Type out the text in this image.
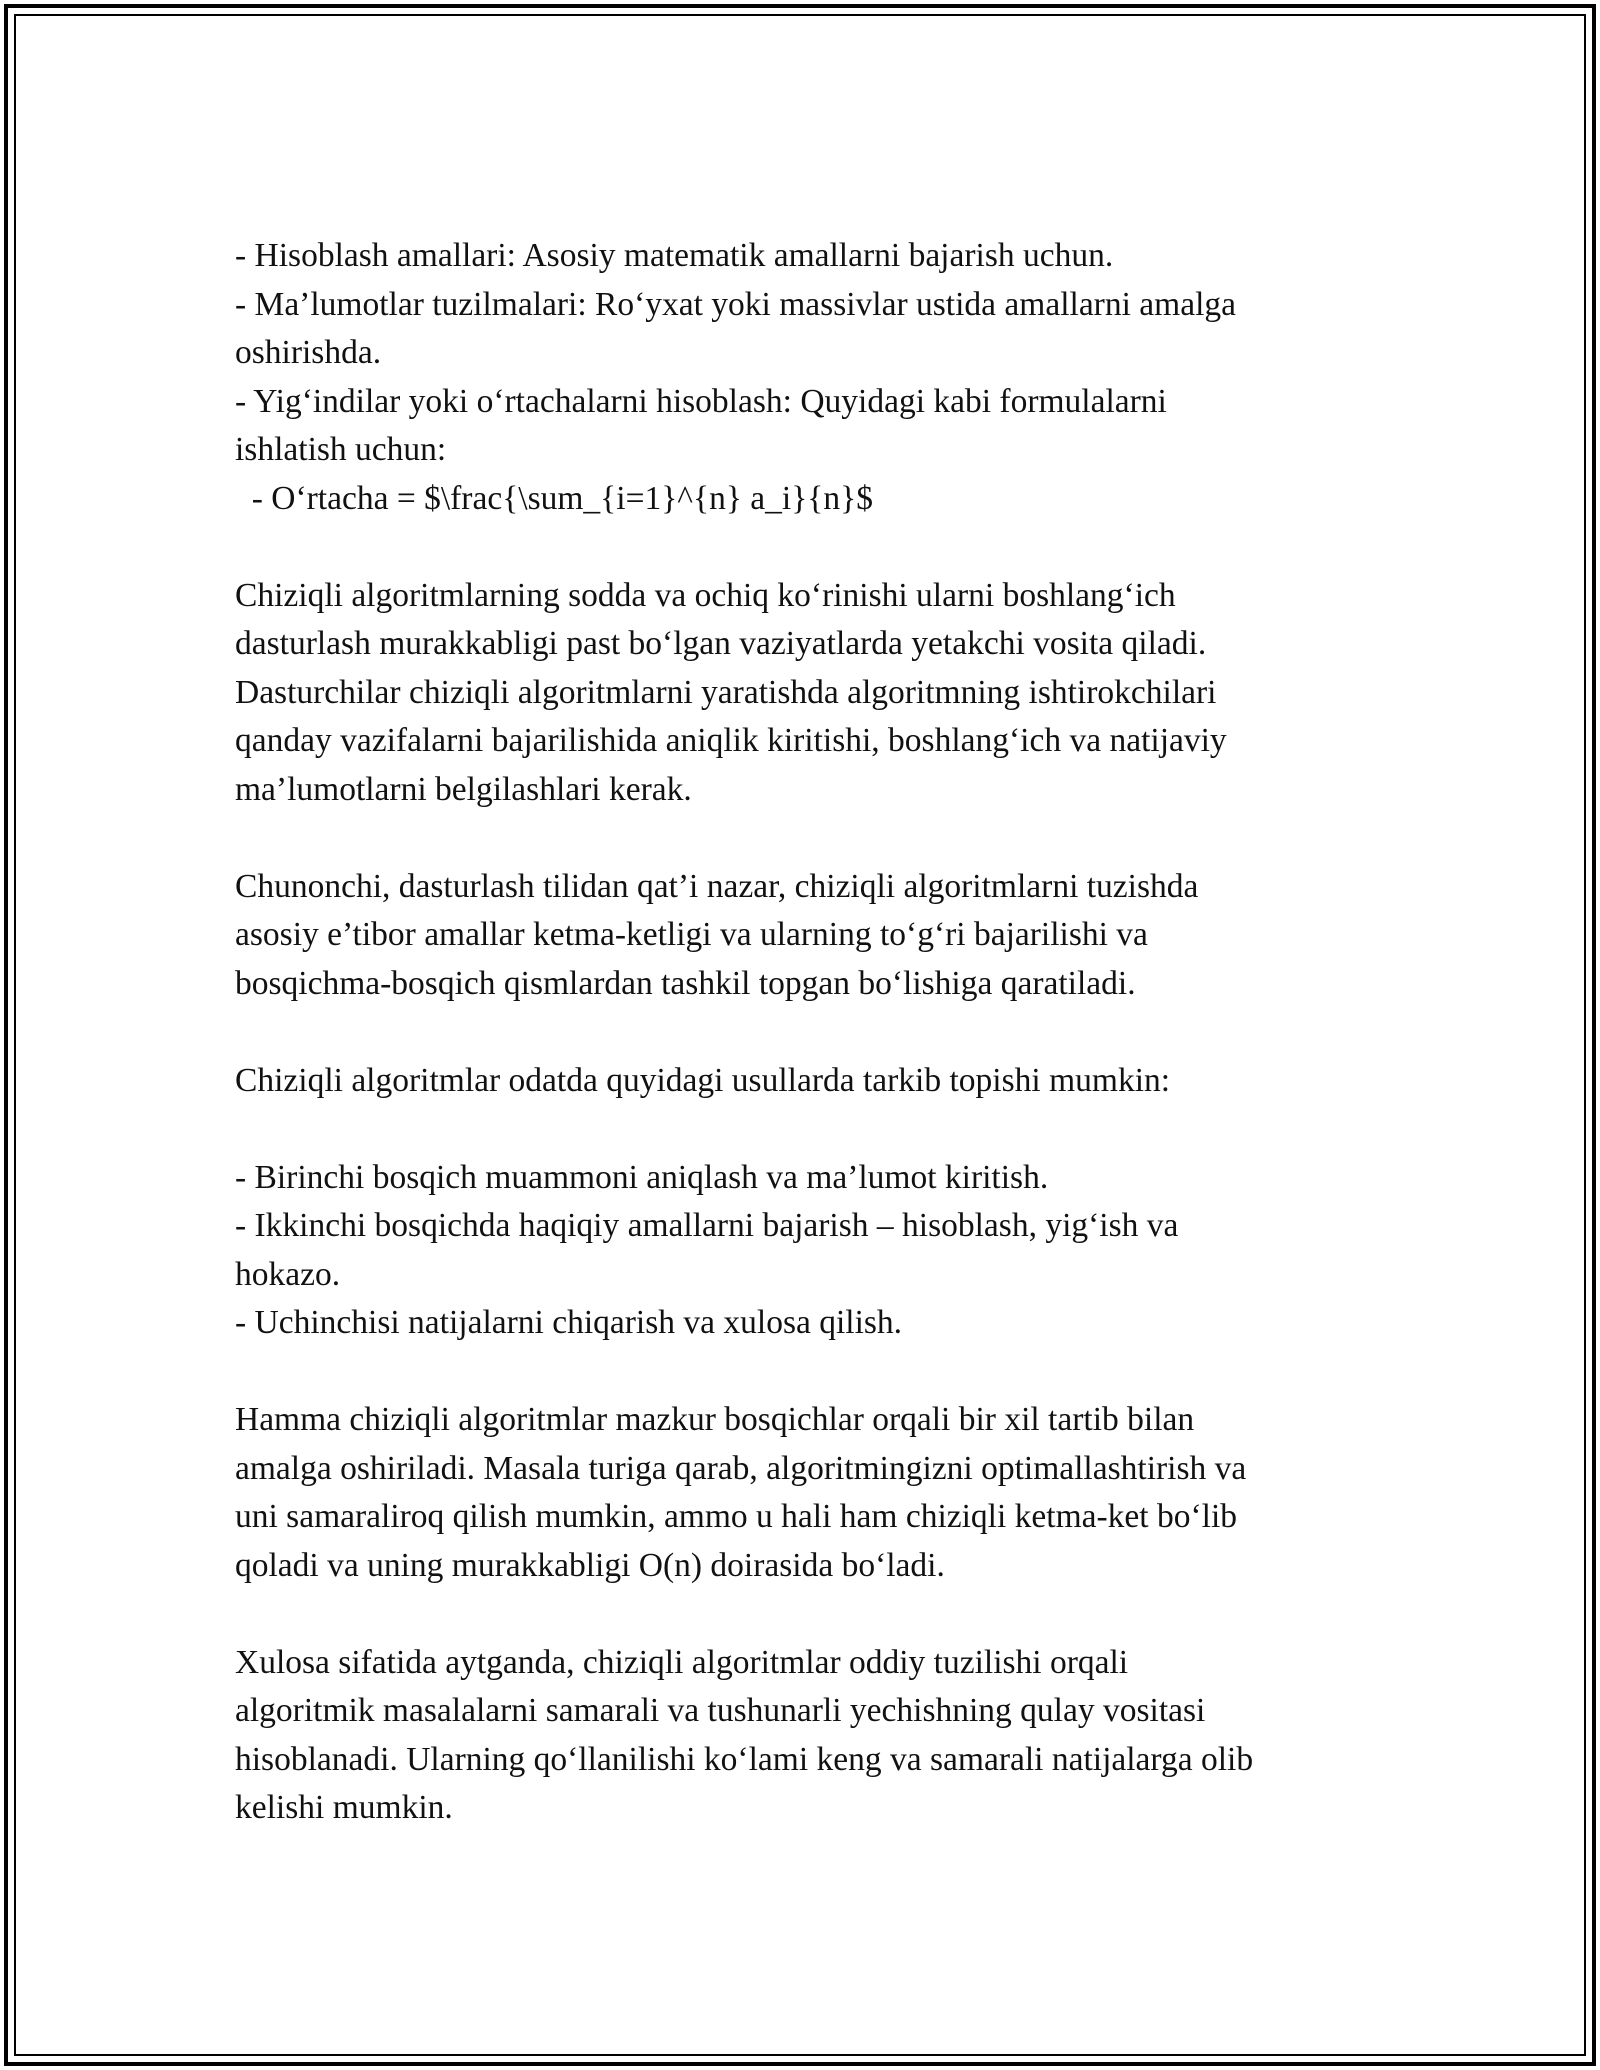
- Hisoblash amallari: Asosiy matematik amallarni bajarish uchun.

- Ma’lumotlar tuzilmalari: Ro‘yxat yoki massivlar ustida amallarni amalga

oshirishda.

- Yig‘indilar yoki o‘rtachalarni hisoblash: Quyidagi kabi formulalarni

ishlatish uchun:

- O‘rtacha = $\frac{\sum_{i=1}^{n} a_i}{n}$

Chiziqli algoritmlarning sodda va ochiq ko‘rinishi ularni boshlang‘ich

dasturlash murakkabligi past bo‘lgan vaziyatlarda yetakchi vosita qiladi.

Dasturchilar chiziqli algoritmlarni yaratishda algoritmning ishtirokchilari

qanday vazifalarni bajarilishida aniqlik kiritishi, boshlang‘ich va natijaviy

ma’lumotlarni belgilashlari kerak.

Chunonchi, dasturlash tilidan qat’i nazar, chiziqli algoritmlarni tuzishda

asosiy e’tibor amallar ketma-ketligi va ularning to‘g‘ri bajarilishi va

bosqichma-bosqich qismlardan tashkil topgan bo‘lishiga qaratiladi.

Chiziqli algoritmlar odatda quyidagi usullarda tarkib topishi mumkin:

- Birinchi bosqich muammoni aniqlash va ma’lumot kiritish.

- Ikkinchi bosqichda haqiqiy amallarni bajarish – hisoblash, yig‘ish va

hokazo.

- Uchinchisi natijalarni chiqarish va xulosa qilish.

Hamma chiziqli algoritmlar mazkur bosqichlar orqali bir xil tartib bilan

amalga oshiriladi. Masala turiga qarab, algoritmingizni optimallashtirish va

uni samaraliroq qilish mumkin, ammo u hali ham chiziqli ketma-ket bo‘lib

qoladi va uning murakkabligi O(n) doirasida bo‘ladi.

Xulosa sifatida aytganda, chiziqli algoritmlar oddiy tuzilishi orqali

algoritmik masalalarni samarali va tushunarli yechishning qulay vositasi

hisoblanadi. Ularning qo‘llanilishi ko‘lami keng va samarali natijalarga olib

kelishi mumkin.
